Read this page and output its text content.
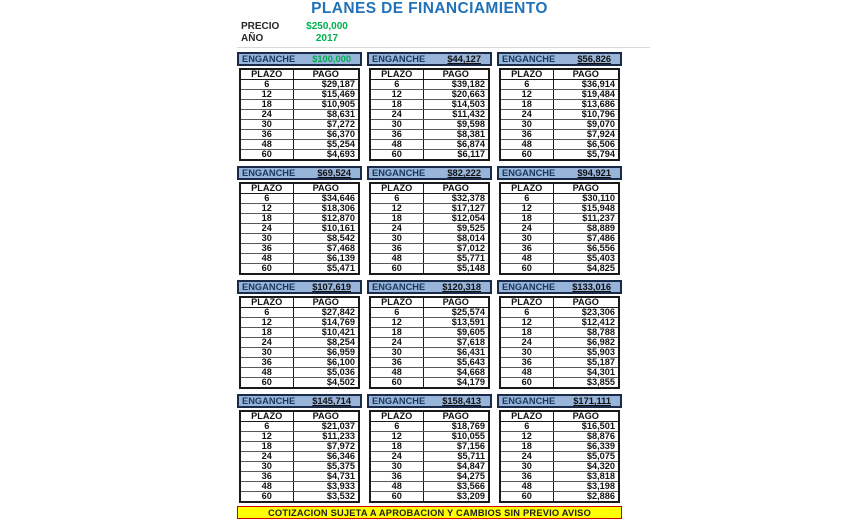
PLANES DE FINANCIAMIENTO
PRECIO	$250,000
AÑO	2017
ENGANCHE $100,000
PLAZO	PAGO
6	$29,187
12	$15,469
18	$10,905
24	$8,631
30	$7,272
36	$6,370
48	$5,254
60	$4,693
ENGANCHE $44,127
PLAZO	PAGO
6	$39,182
12	$20,663
18	$14,503
24	$11,432
30	$9,598
36	$8,381
48	$6,874
60	$6,117
ENGANCHE $56,826
PLAZO	PAGO
6	$36,914
12	$19,484
18	$13,686
24	$10,796
30	$9,070
36	$7,924
48	$6,506
60	$5,794
ENGANCHE $69,524
PLAZO	PAGO
6	$34,646
12	$18,306
18	$12,870
24	$10,161
30	$8,542
36	$7,468
48	$6,139
60	$5,471
ENGANCHE $82,222
PLAZO	PAGO
6	$32,378
12	$17,127
18	$12,054
24	$9,525
30	$8,014
36	$7,012
48	$5,771
60	$5,148
ENGANCHE $94,921
PLAZO	PAGO
6	$30,110
12	$15,948
18	$11,237
24	$8,889
30	$7,486
36	$6,556
48	$5,403
60	$4,825
ENGANCHE $107,619
PLAZO	PAGO
6	$27,842
12	$14,769
18	$10,421
24	$8,254
30	$6,959
36	$6,100
48	$5,036
60	$4,502
ENGANCHE $120,318
PLAZO	PAGO
6	$25,574
12	$13,591
18	$9,605
24	$7,618
30	$6,431
36	$5,643
48	$4,668
60	$4,179
ENGANCHE $133,016
PLAZO	PAGO
6	$23,306
12	$12,412
18	$8,788
24	$6,982
30	$5,903
36	$5,187
48	$4,301
60	$3,855
ENGANCHE $145,714
PLAZO	PAGO
6	$21,037
12	$11,233
18	$7,972
24	$6,346
30	$5,375
36	$4,731
48	$3,933
60	$3,532
ENGANCHE $158,413
PLAZO	PAGO
6	$18,769
12	$10,055
18	$7,156
24	$5,711
30	$4,847
36	$4,275
48	$3,566
60	$3,209
ENGANCHE $171,111
PLAZO	PAGO
6	$16,501
12	$8,876
18	$6,339
24	$5,075
30	$4,320
36	$3,818
48	$3,198
60	$2,886
COTIZACION SUJETA A APROBACION Y CAMBIOS SIN PREVIO AVISO
